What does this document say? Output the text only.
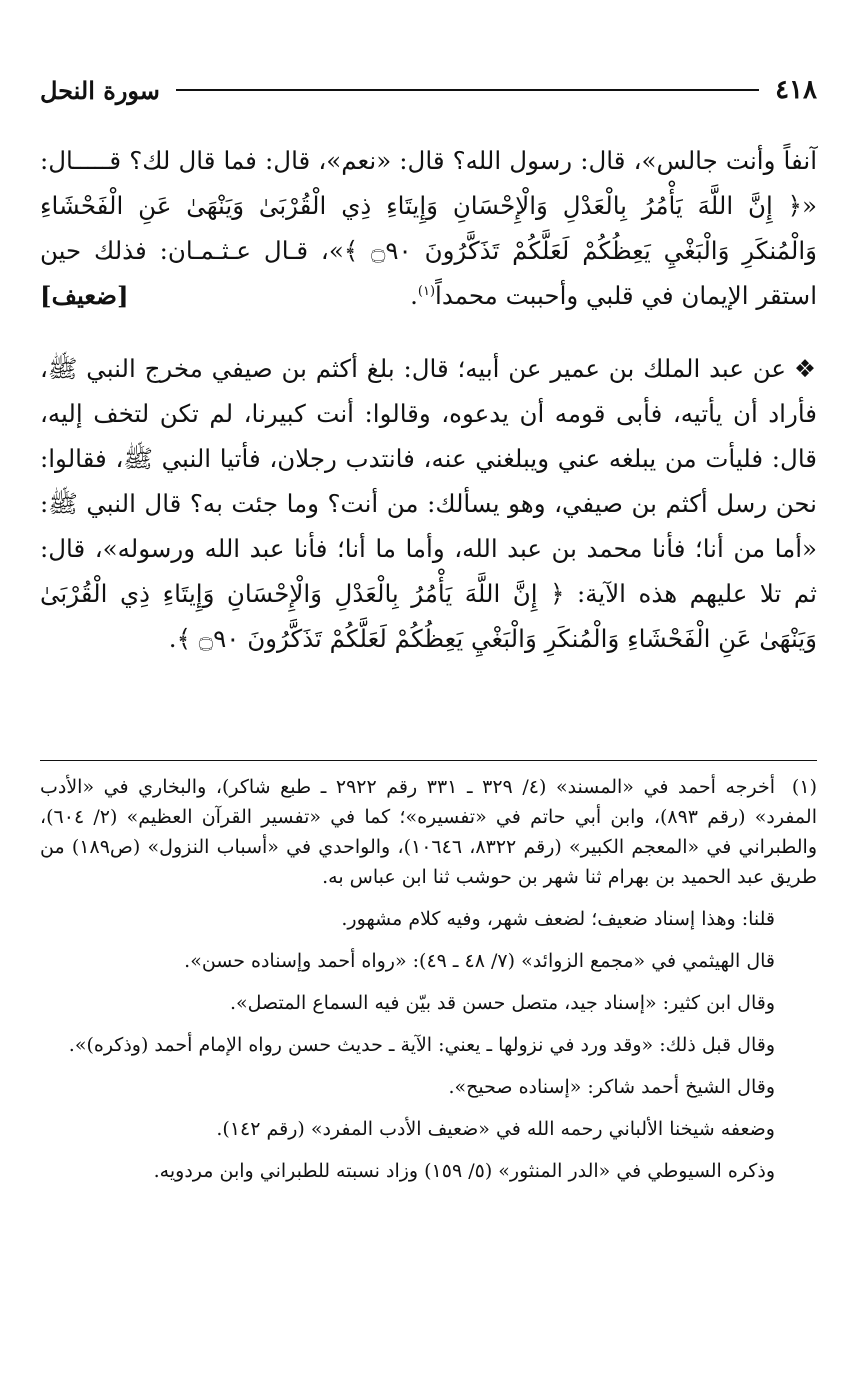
سورة النحل	٤١٨

آنفاً وأنت جالس»، قال: رسول الله؟ قال: «نعم»، قال: فما قال لك؟ قـــــال: «﴿ إِنَّ اللَّهَ يَأْمُرُ بِالْعَدْلِ وَالْإِحْسَانِ وَإِيتَاءِ ذِي الْقُرْبَىٰ وَيَنْهَىٰ عَنِ الْفَحْشَاءِ وَالْمُنكَرِ وَالْبَغْيِ يَعِظُكُمْ لَعَلَّكُمْ تَذَكَّرُونَ ۝٩٠ ﴾»، قـال عـثـمـان: فذلك حين استقر الإيمان في قلبي وأحببت محمداً$^{(١)}$.
[ضعيف]

❖عن عبد الملك بن عمير عن أبيه؛ قال: بلغ أكثم بن صيفي مخرج النبي ﷺ، فأراد أن يأتيه، فأبى قومه أن يدعوه، وقالوا: أنت كبيرنا، لم تكن لتخف إليه، قال: فليأت من يبلغه عني ويبلغني عنه، فانتدب رجلان، فأتيا النبي ﷺ، فقالوا: نحن رسل أكثم بن صيفي، وهو يسألك: من أنت؟ وما جئت به؟ قال النبي ﷺ: «أما من أنا؛ فأنا محمد بن عبد الله، وأما ما أنا؛ فأنا عبد الله ورسوله»، قال: ثم تلا عليهم هذه الآية: ﴿ إِنَّ اللَّهَ يَأْمُرُ بِالْعَدْلِ وَالْإِحْسَانِ وَإِيتَاءِ ذِي الْقُرْبَىٰ وَيَنْهَىٰ عَنِ الْفَحْشَاءِ وَالْمُنكَرِ وَالْبَغْيِ يَعِظُكُمْ لَعَلَّكُمْ تَذَكَّرُونَ ۝٩٠ ﴾.

(١)أخرجه أحمد في «المسند» (٤/ ٣٢٩ ـ ٣٣١ رقم ٢٩٢٢ ـ طبع شاكر)، والبخاري في «الأدب المفرد» (رقم ٨٩٣)، وابن أبي حاتم في «تفسيره»؛ كما في «تفسير القرآن العظيم» (٢/ ٦٠٤)، والطبراني في «المعجم الكبير» (رقم ٨٣٢٢، ١٠٦٤٦)، والواحدي في «أسباب النزول» (ص١٨٩) من طريق عبد الحميد بن بهرام ثنا شهر بن حوشب ثنا ابن عباس به.

قلنا: وهذا إسناد ضعيف؛ لضعف شهر، وفيه كلام مشهور.

قال الهيثمي في «مجمع الزوائد» (٧/ ٤٨ ـ ٤٩): «رواه أحمد وإسناده حسن».

وقال ابن كثير: «إسناد جيد، متصل حسن قد بيّن فيه السماع المتصل».

وقال قبل ذلك: «وقد ورد في نزولها ـ يعني: الآية ـ حديث حسن رواه الإمام أحمد (وذكره)».

وقال الشيخ أحمد شاكر: «إسناده صحيح».

وضعفه شيخنا الألباني رحمه الله في «ضعيف الأدب المفرد» (رقم ١٤٢).

وذكره السيوطي في «الدر المنثور» (٥/ ١٥٩) وزاد نسبته للطبراني وابن مردويه.
